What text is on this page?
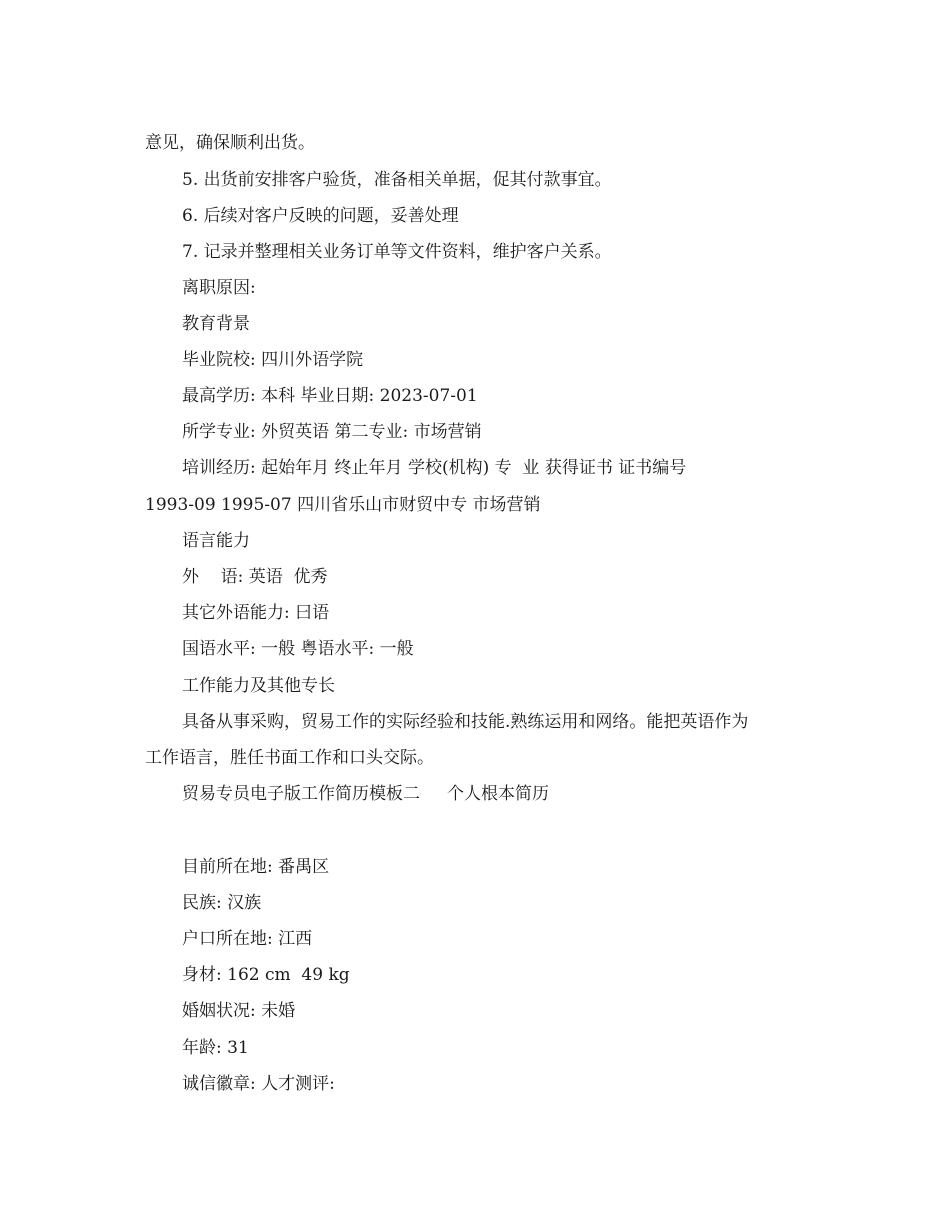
意见，确保顺利出货。
5. 出货前安排客户验货，准备相关单据，促其付款事宜。
6. 后续对客户反映的问题，妥善处理
7. 记录并整理相关业务订单等文件资料，维护客户关系。
离职原因:
教育背景
毕业院校: 四川外语学院
最高学历: 本科 毕业日期: 2023-07-01
所学专业: 外贸英语 第二专业: 市场营销
培训经历: 起始年月 终止年月 学校(机构) 专  业 获得证书 证书编号
1993-09 1995-07 四川省乐山市财贸中专 市场营销
语言能力
外    语: 英语  优秀
其它外语能力: 曰语
国语水平: 一般 粤语水平: 一般
工作能力及其他专长
具备从事采购，贸易工作的实际经验和技能.熟练运用和网络。能把英语作为
工作语言，胜任书面工作和口头交际。
贸易专员电子版工作简历模板二     个人根本简历
目前所在地: 番禺区
民族: 汉族
户口所在地: 江西
身材: 162 cm  49 kg
婚姻状况: 未婚
年龄: 31
诚信徽章: 人才测评:
